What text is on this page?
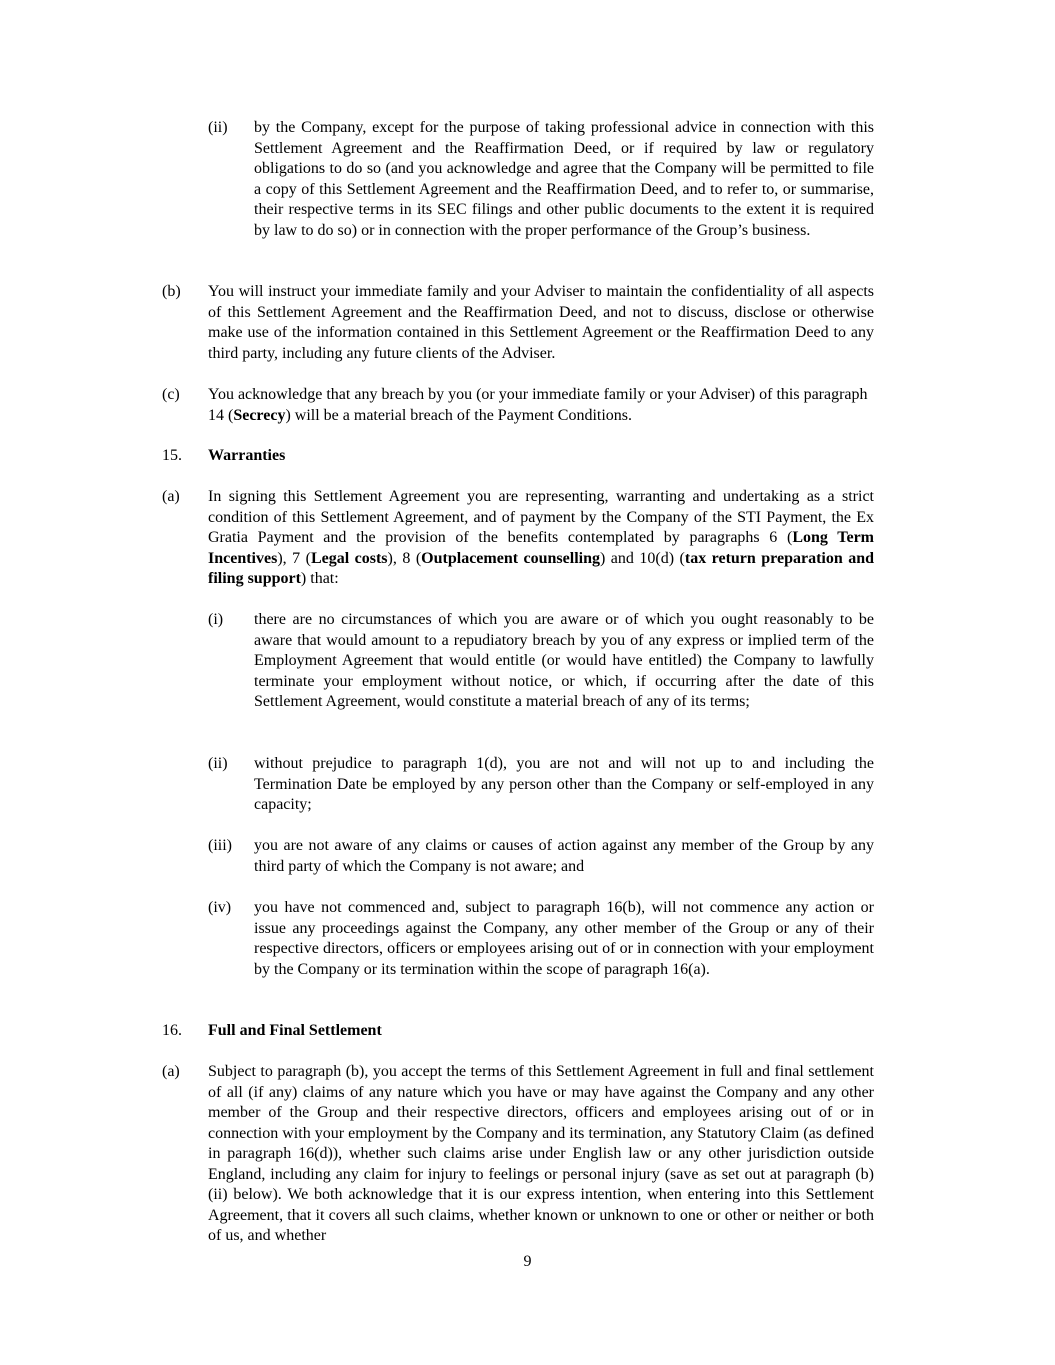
(ii) by the Company, except for the purpose of taking professional advice in connection with this Settlement Agreement and the Reaffirmation Deed, or if required by law or regulatory obligations to do so (and you acknowledge and agree that the Company will be permitted to file a copy of this Settlement Agreement and the Reaffirmation Deed, and to refer to, or summarise, their respective terms in its SEC filings and other public documents to the extent it is required by law to do so) or in connection with the proper performance of the Group’s business.

(b) You will instruct your immediate family and your Adviser to maintain the confidentiality of all aspects of this Settlement Agreement and the Reaffirmation Deed, and not to discuss, disclose or otherwise make use of the information contained in this Settlement Agreement or the Reaffirmation Deed to any third party, including any future clients of the Adviser.

(c) You acknowledge that any breach by you (or your immediate family or your Adviser) of this paragraph 14 (Secrecy) will be a material breach of the Payment Conditions.

15. Warranties
(a) In signing this Settlement Agreement you are representing, warranting and undertaking as a strict condition of this Settlement Agreement, and of payment by the Company of the STI Payment, the Ex Gratia Payment and the provision of the benefits contemplated by paragraphs 6 (Long Term Incentives), 7 (Legal costs), 8 (Outplacement counselling) and 10(d) (tax return preparation and filing support) that:

(i) there are no circumstances of which you are aware or of which you ought reasonably to be aware that would amount to a repudiatory breach by you of any express or implied term of the Employment Agreement that would entitle (or would have entitled) the Company to lawfully terminate your employment without notice, or which, if occurring after the date of this Settlement Agreement, would constitute a material breach of any of its terms;

(ii) without prejudice to paragraph 1(d), you are not and will not up to and including the Termination Date be employed by any person other than the Company or self-employed in any capacity;

(iii) you are not aware of any claims or causes of action against any member of the Group by any third party of which the Company is not aware; and

(iv) you have not commenced and, subject to paragraph 16(b), will not commence any action or issue any proceedings against the Company, any other member of the Group or any of their respective directors, officers or employees arising out of or in connection with your employment by the Company or its termination within the scope of paragraph 16(a).

16. Full and Final Settlement
(a) Subject to paragraph (b), you accept the terms of this Settlement Agreement in full and final settlement of all (if any) claims of any nature which you have or may have against the Company and any other member of the Group and their respective directors, officers and employees arising out of or in connection with your employment by the Company and its termination, any Statutory Claim (as defined in paragraph 16(d)), whether such claims arise under English law or any other jurisdiction outside England, including any claim for injury to feelings or personal injury (save as set out at paragraph (b)(ii) below). We both acknowledge that it is our express intention, when entering into this Settlement Agreement, that it covers all such claims, whether known or unknown to one or other or neither or both of us, and whether

9
